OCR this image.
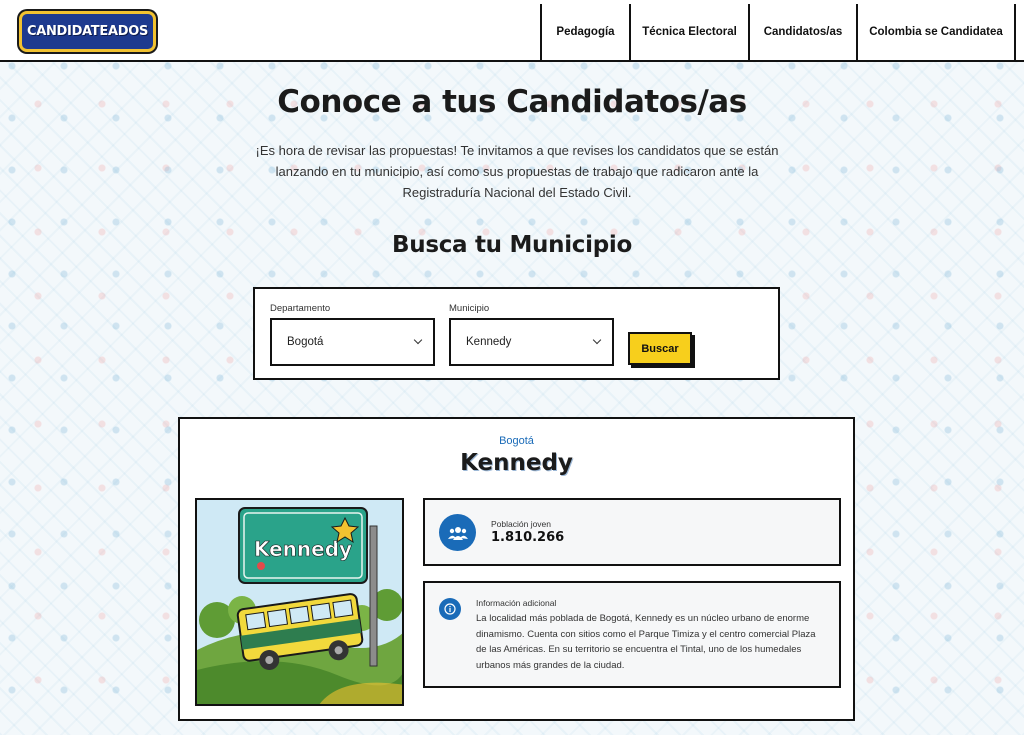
CANDIDATEADOS	Pedagogía	Técnica Electoral	Candidatos/as	Colombia se Candidatea
Conoce a tus Candidatos/as

¡Es hora de revisar las propuestas! Te invitamos a que revises los candidatos que se están lanzando en tu municipio, así como sus propuestas de trabajo que radicaron ante la Registraduría Nacional del Estado Civil.

Busca tu Municipio
Departamento
Bogotá
Municipio
Kennedy
Buscar
Bogotá
Kennedy
Kennedy
Población joven
1.810.266
Información adicional
La localidad más poblada de Bogotá, Kennedy es un núcleo urbano de enorme dinamismo. Cuenta con sitios como el Parque Timiza y el centro comercial Plaza de las Américas. En su territorio se encuentra el Tintal, uno de los humedales urbanos más grandes de la ciudad.
